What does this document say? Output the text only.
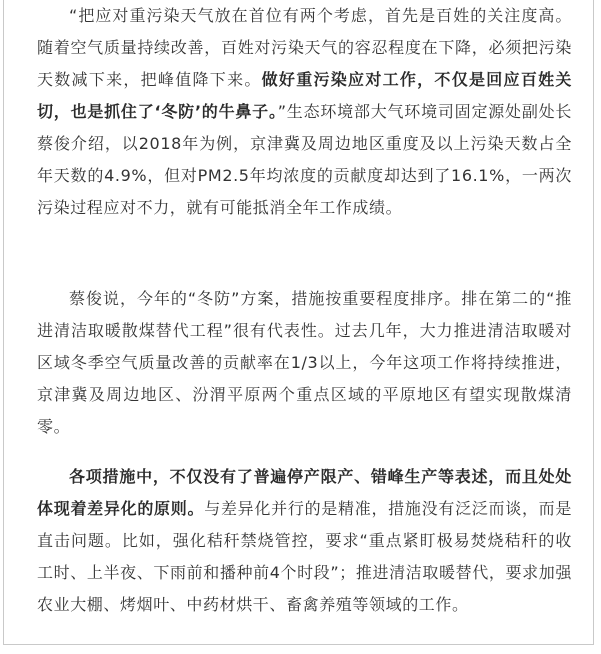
“把应对重污染天气放在首位有两个考虑，首先是百姓的关注度高。随着空气质量持续改善，百姓对污染天气的容忍程度在下降，必须把污染天数减下来，把峰值降下来。做好重污染应对工作，不仅是回应百姓关切，也是抓住了‘冬防’的牛鼻子。”生态环境部大气环境司固定源处副处长蔡俊介绍，以2018年为例，京津冀及周边地区重度及以上污染天数占全年天数的4.9%，但对PM2.5年均浓度的贡献度却达到了16.1%，一两次污染过程应对不力，就有可能抵消全年工作成绩。

蔡俊说，今年的“冬防”方案，措施按重要程度排序。排在第二的“推进清洁取暖散煤替代工程”很有代表性。过去几年，大力推进清洁取暖对区域冬季空气质量改善的贡献率在1/3以上，今年这项工作将持续推进，京津冀及周边地区、汾渭平原两个重点区域的平原地区有望实现散煤清零。

各项措施中，不仅没有了普遍停产限产、错峰生产等表述，而且处处体现着差异化的原则。与差异化并行的是精准，措施没有泛泛而谈，而是直击问题。比如，强化秸秆禁烧管控，要求“重点紧盯极易焚烧秸秆的收工时、上半夜、下雨前和播种前4个时段”；推进清洁取暖替代，要求加强农业大棚、烤烟叶、中药材烘干、畜禽养殖等领域的工作。
